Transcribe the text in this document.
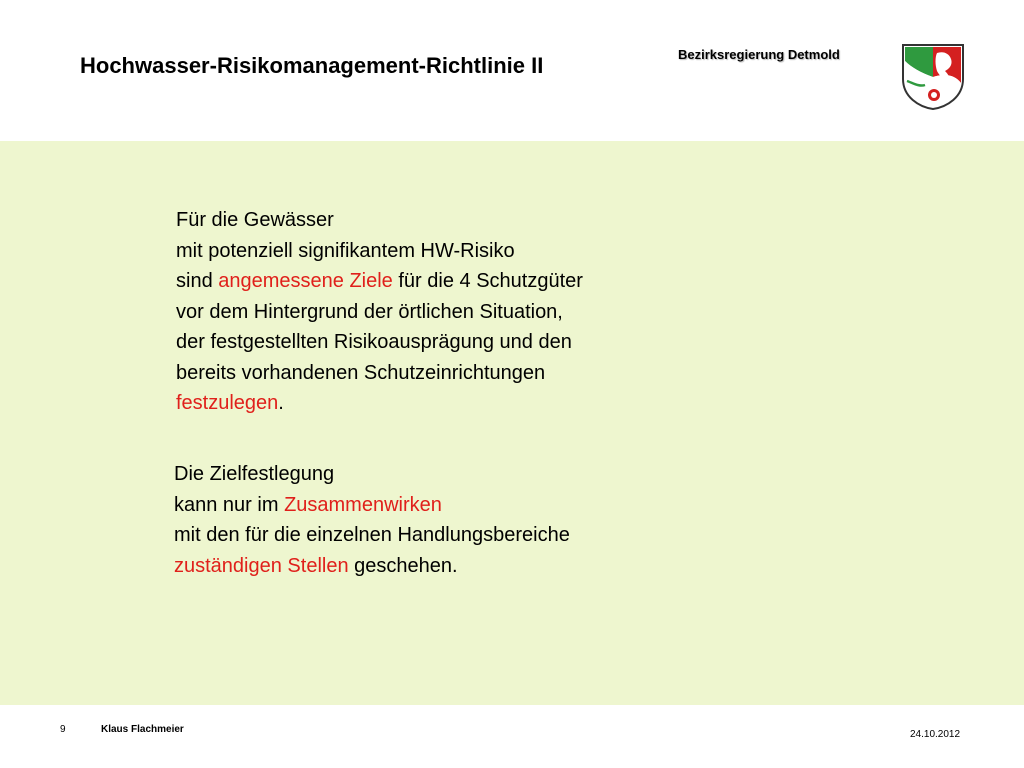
Hochwasser-Risikomanagement-Richtlinie II	Bezirksregierung Detmold
Für die Gewässer
mit potenziell signifikantem HW-Risiko
sind angemessene Ziele für die 4 Schutzgüter
vor dem Hintergrund der örtlichen Situation,
der festgestellten Risikoausprägung und den
bereits vorhandenen Schutzeinrichtungen
festzulegen.
Die Zielfestlegung
kann nur im Zusammenwirken
mit den für die einzelnen Handlungsbereiche
zuständigen Stellen geschehen.
9	Klaus Flachmeier	24.10.2012
